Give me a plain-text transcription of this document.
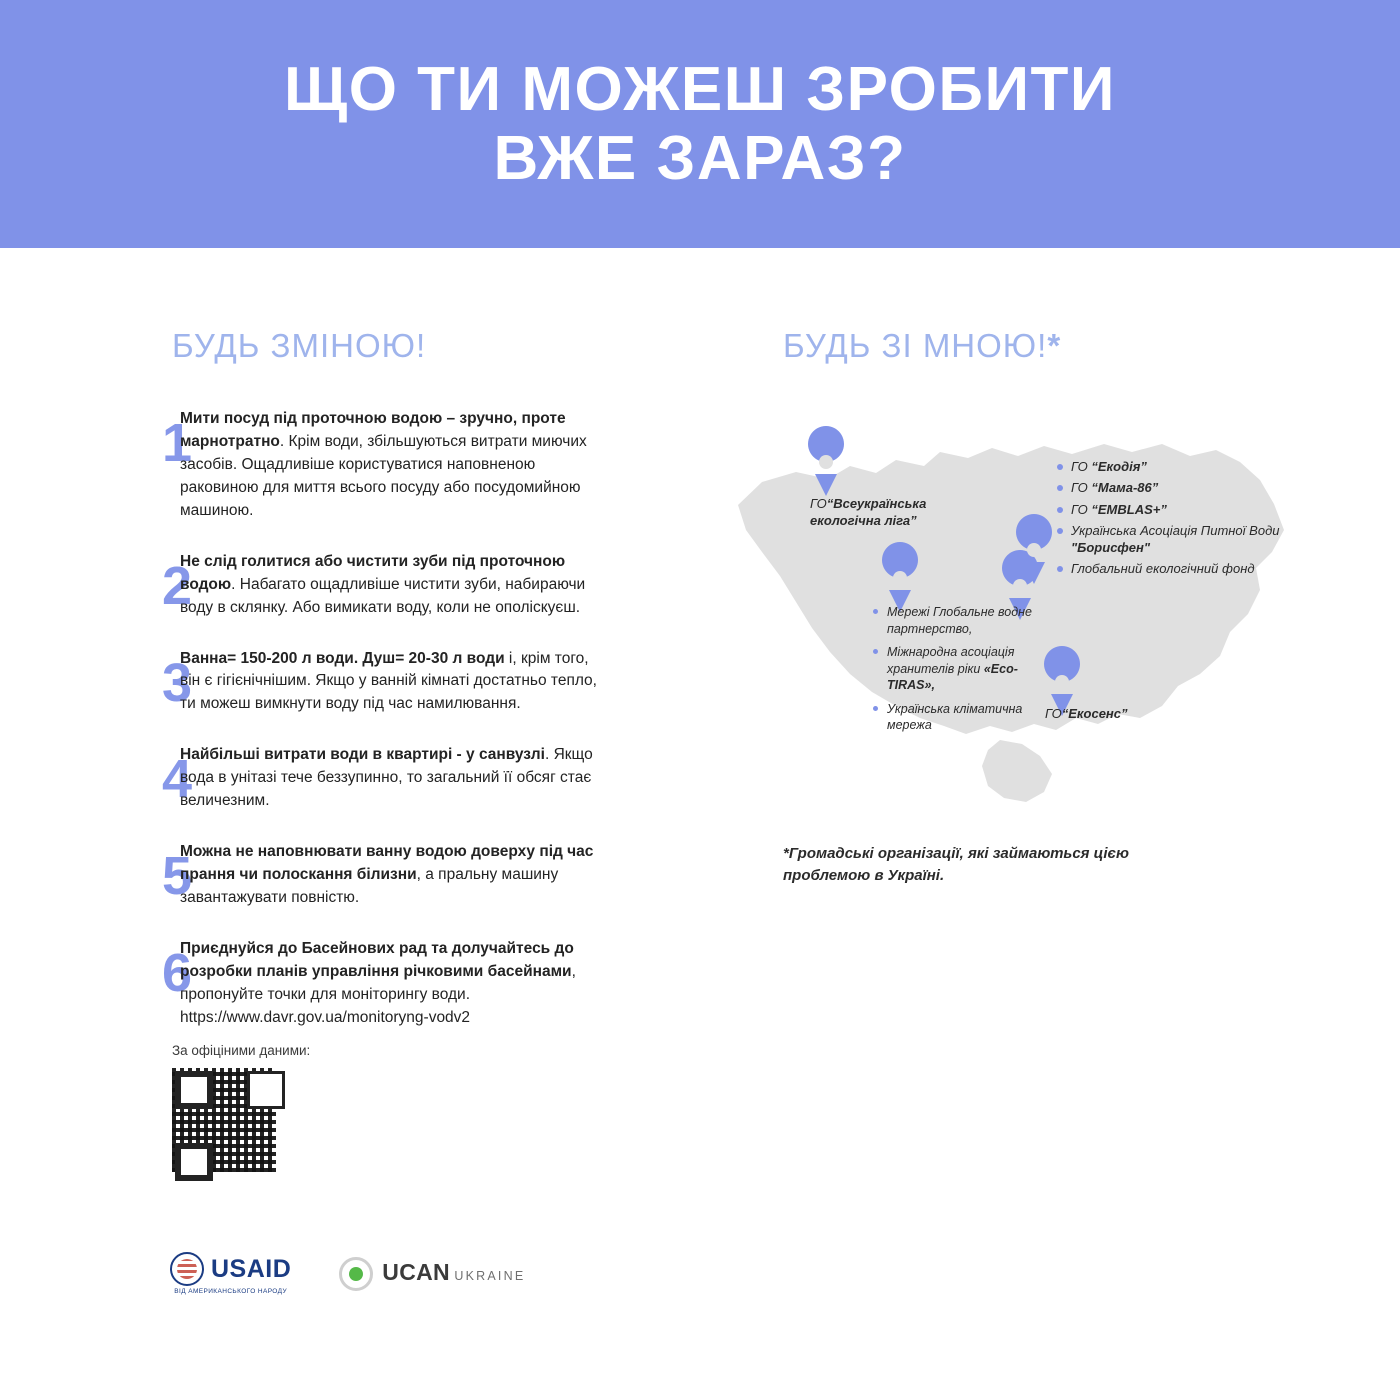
ЩО ТИ МОЖЕШ ЗРОБИТИ
ВЖЕ ЗАРАЗ?
БУДЬ ЗМІНОЮ!	БУДЬ ЗІ МНОЮ!*
1

Мити посуд під проточною водою – зручно, проте марнотратно. Крім води, збільшуються витрати миючих засобів. Ощадливіше користуватися наповненою раковиною для миття всього посуду або посудомийною машиною.

2

Не слід голитися або чистити зуби під проточною водою. Набагато ощадливіше чистити зуби, набираючи воду в склянку. Або вимикати воду, коли не ополіскуєш.

3

Ванна= 150-200 л води. Душ= 20-30 л води і, крім того, він є гігієнічнішим. Якщо у ванній кімнаті достатньо тепло, ти можеш вимкнути воду під час намилювання.

4

Найбільші витрати води в квартирі - у санвузлі. Якщо вода в унітазі тече беззупинно, то загальний її обсяг стає величезним.

5

Можна не наповнювати ванну водою доверху під час прання чи полоскання білизни, а пральну машину завантажувати повністю.

6

Приєднуйся до Басейнових рад та долучайтесь до розробки планів управління річковими басейнами, пропонуйте точки для моніторингу води. https://www.davr.gov.ua/monitoryng-vodv2

За офіцiними даними:
ГО“Всеукраїнська екологічна ліга”
ГО“Екосенс”
ГО “Екодія”
ГО “Мама-86”
ГО “EMBLAS+”
Українська Асоціація Питної Води "Борисфен"
Глобальний екологічний фонд
Мережі Глобальне водне партнерство,
Міжнародна асоціація хранителів ріки «Eco-TIRAS»,
Українська кліматична мережа
*Громадські організації, які займаються цією проблемою в Україні.
USAID
ВІД АМЕРИКАНСЬКОГО НАРОДУ
UCAN UKRAINE
